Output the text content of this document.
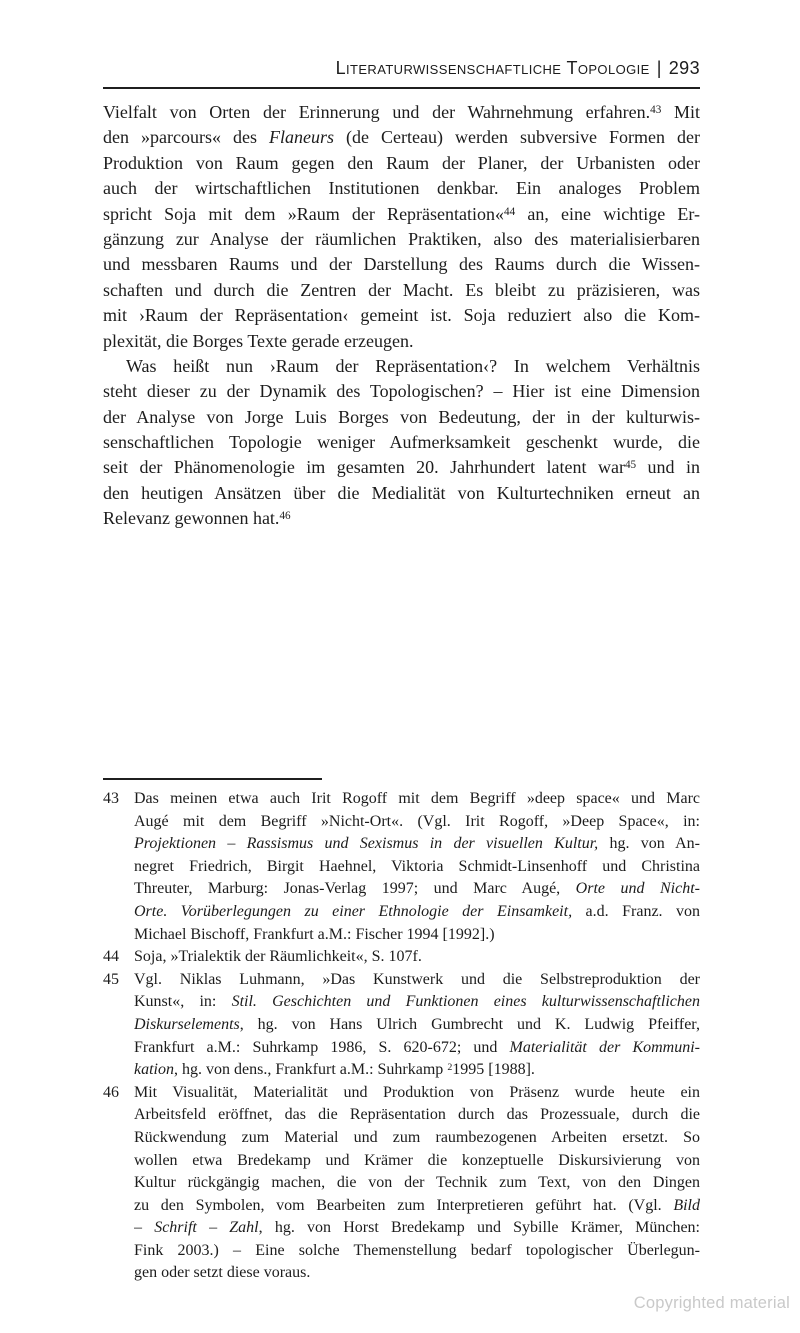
Literaturwissenschaftliche Topologie | 293
Vielfalt von Orten der Erinnerung und der Wahrnehmung erfahren.$^{43}$ Mit
den »parcours« des Flaneurs (de Certeau) werden subversive Formen der
Produktion von Raum gegen den Raum der Planer, der Urbanisten oder
auch der wirtschaftlichen Institutionen denkbar. Ein analoges Problem
spricht Soja mit dem »Raum der Repräsentation«$^{44}$ an, eine wichtige Er-
gänzung zur Analyse der räumlichen Praktiken, also des materialisierbaren
und messbaren Raums und der Darstellung des Raums durch die Wissen-
schaften und durch die Zentren der Macht. Es bleibt zu präzisieren, was
mit ›Raum der Repräsentation‹ gemeint ist. Soja reduziert also die Kom-
plexität, die Borges Texte gerade erzeugen.
Was heißt nun ›Raum der Repräsentation‹? In welchem Verhältnis
steht dieser zu der Dynamik des Topologischen? – Hier ist eine Dimension
der Analyse von Jorge Luis Borges von Bedeutung, der in der kulturwis-
senschaftlichen Topologie weniger Aufmerksamkeit geschenkt wurde, die
seit der Phänomenologie im gesamten 20. Jahrhundert latent war$^{45}$ und in
den heutigen Ansätzen über die Medialität von Kulturtechniken erneut an
Relevanz gewonnen hat.$^{46}$
43 Das meinen etwa auch Irit Rogoff mit dem Begriff »deep space« und Marc
Augé mit dem Begriff »Nicht-Ort«. (Vgl. Irit Rogoff, »Deep Space«, in:
Projektionen – Rassismus und Sexismus in der visuellen Kultur, hg. von An-
negret Friedrich, Birgit Haehnel, Viktoria Schmidt-Linsenhoff und Christina
Threuter, Marburg: Jonas-Verlag 1997; und Marc Augé, Orte und Nicht-
Orte. Vorüberlegungen zu einer Ethnologie der Einsamkeit, a.d. Franz. von
Michael Bischoff, Frankfurt a.M.: Fischer 1994 [1992].)
44 Soja, »Trialektik der Räumlichkeit«, S. 107f.
45 Vgl. Niklas Luhmann, »Das Kunstwerk und die Selbstreproduktion der
Kunst«, in: Stil. Geschichten und Funktionen eines kulturwissenschaftlichen
Diskurselements, hg. von Hans Ulrich Gumbrecht und K. Ludwig Pfeiffer,
Frankfurt a.M.: Suhrkamp 1986, S. 620-672; und Materialität der Kommuni-
kation, hg. von dens., Frankfurt a.M.: Suhrkamp $^2$1995 [1988].
46 Mit Visualität, Materialität und Produktion von Präsenz wurde heute ein
Arbeitsfeld eröffnet, das die Repräsentation durch das Prozessuale, durch die
Rückwendung zum Material und zum raumbezogenen Arbeiten ersetzt. So
wollen etwa Bredekamp und Krämer die konzeptuelle Diskursivierung von
Kultur rückgängig machen, die von der Technik zum Text, von den Dingen
zu den Symbolen, vom Bearbeiten zum Interpretieren geführt hat. (Vgl. Bild
– Schrift – Zahl, hg. von Horst Bredekamp und Sybille Krämer, München:
Fink 2003.) – Eine solche Themenstellung bedarf topologischer Überlegun-
gen oder setzt diese voraus.
Copyrighted material
